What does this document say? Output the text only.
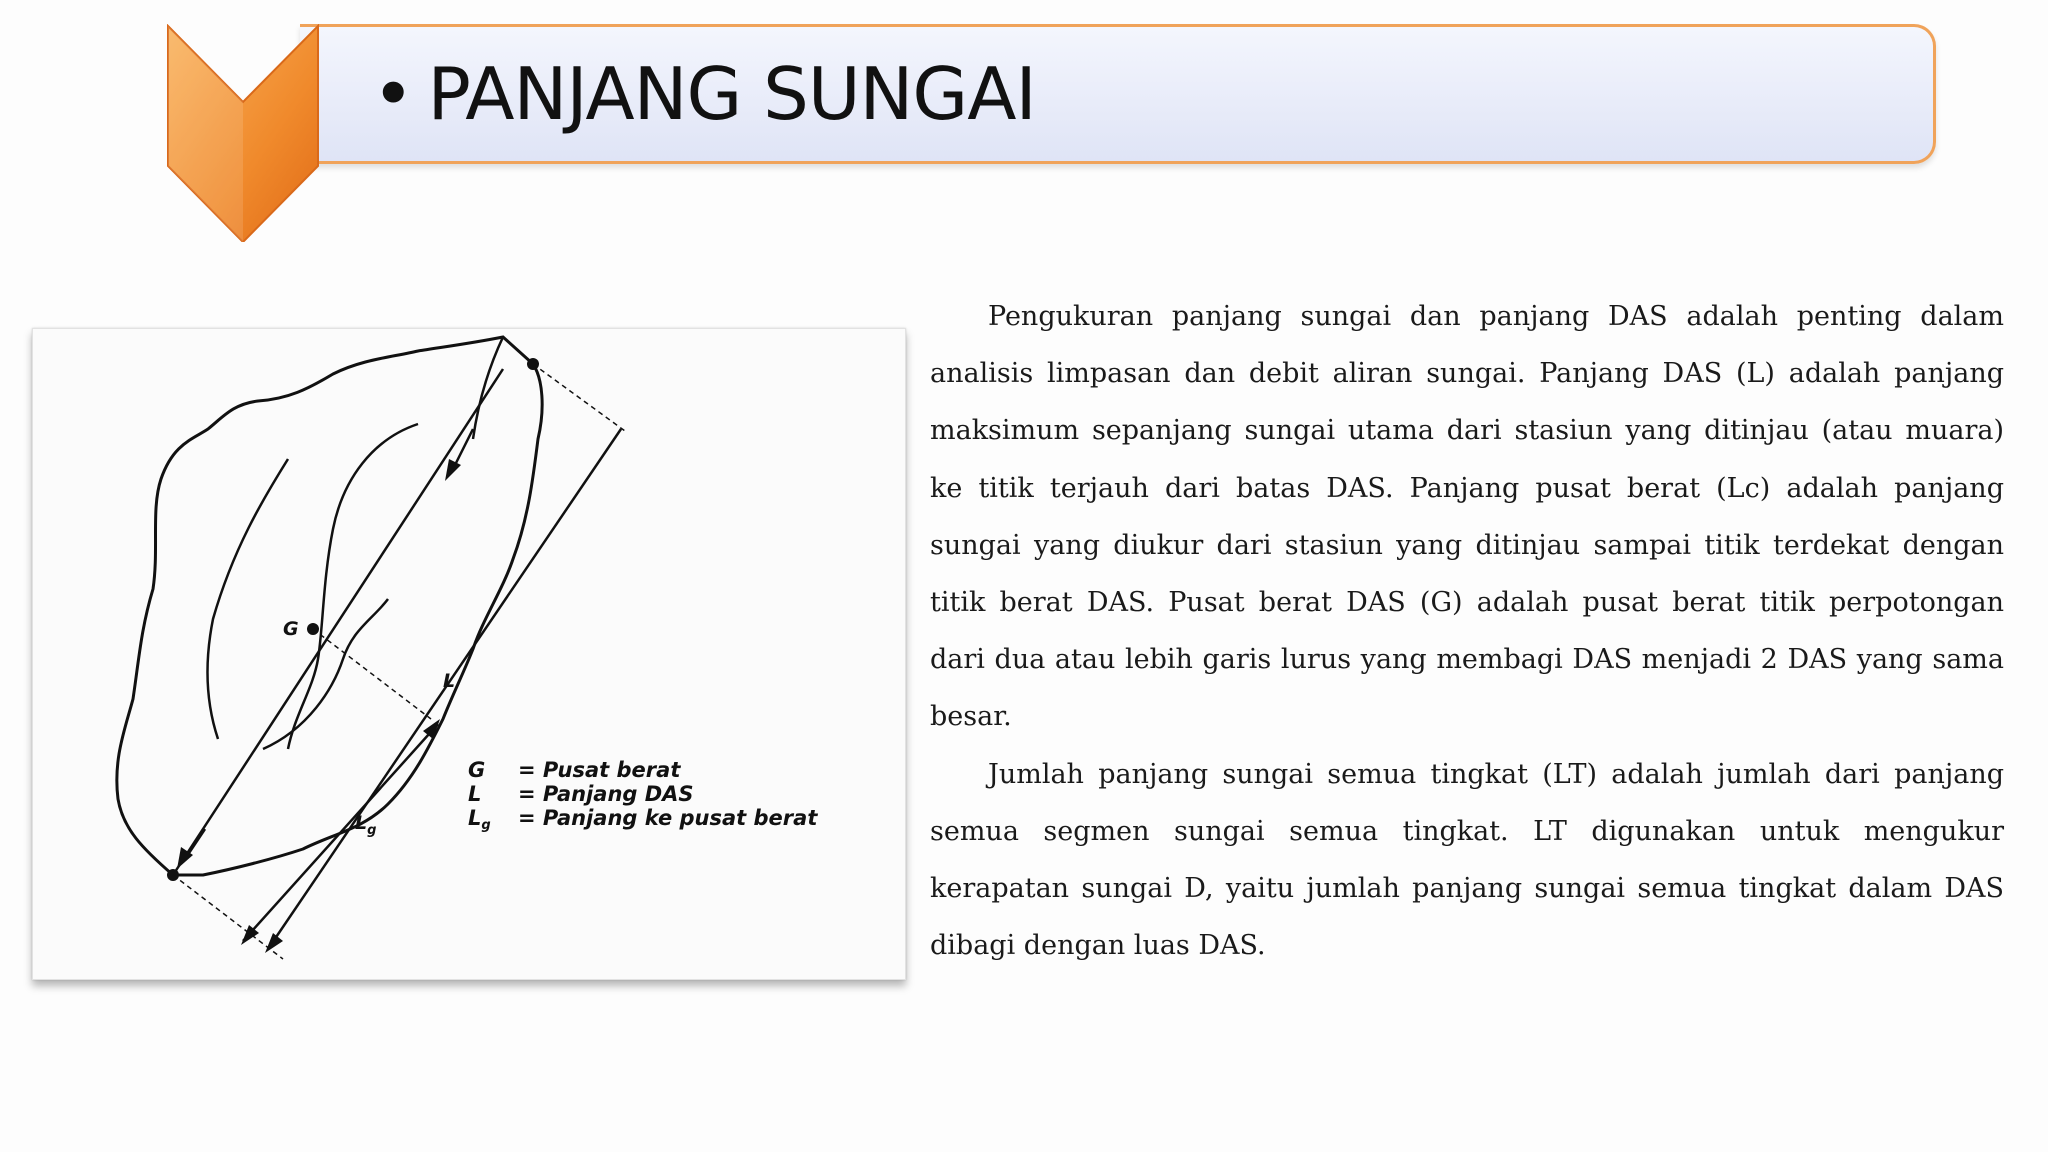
• PANJANG SUNGAI
G
L
$L_g$
G = Pusat berat
L = Panjang DAS
Lg = Panjang ke pusat berat

Pengukuran panjang sungai dan panjang DAS adalah penting dalam analisis limpasan dan debit aliran sungai. Panjang DAS (L) adalah panjang maksimum sepanjang sungai utama dari stasiun yang ditinjau (atau muara) ke titik terjauh dari batas DAS. Panjang pusat berat (Lc) adalah panjang sungai yang diukur dari stasiun yang ditinjau sampai titik terdekat dengan titik berat DAS. Pusat berat DAS (G) adalah pusat berat titik perpotongan dari dua atau lebih garis lurus yang membagi DAS menjadi 2 DAS yang sama besar.

Jumlah panjang sungai semua tingkat (LT) adalah jumlah dari panjang semua segmen sungai semua tingkat. LT digunakan untuk mengukur kerapatan sungai D, yaitu jumlah panjang sungai semua tingkat dalam DAS dibagi dengan luas DAS.
